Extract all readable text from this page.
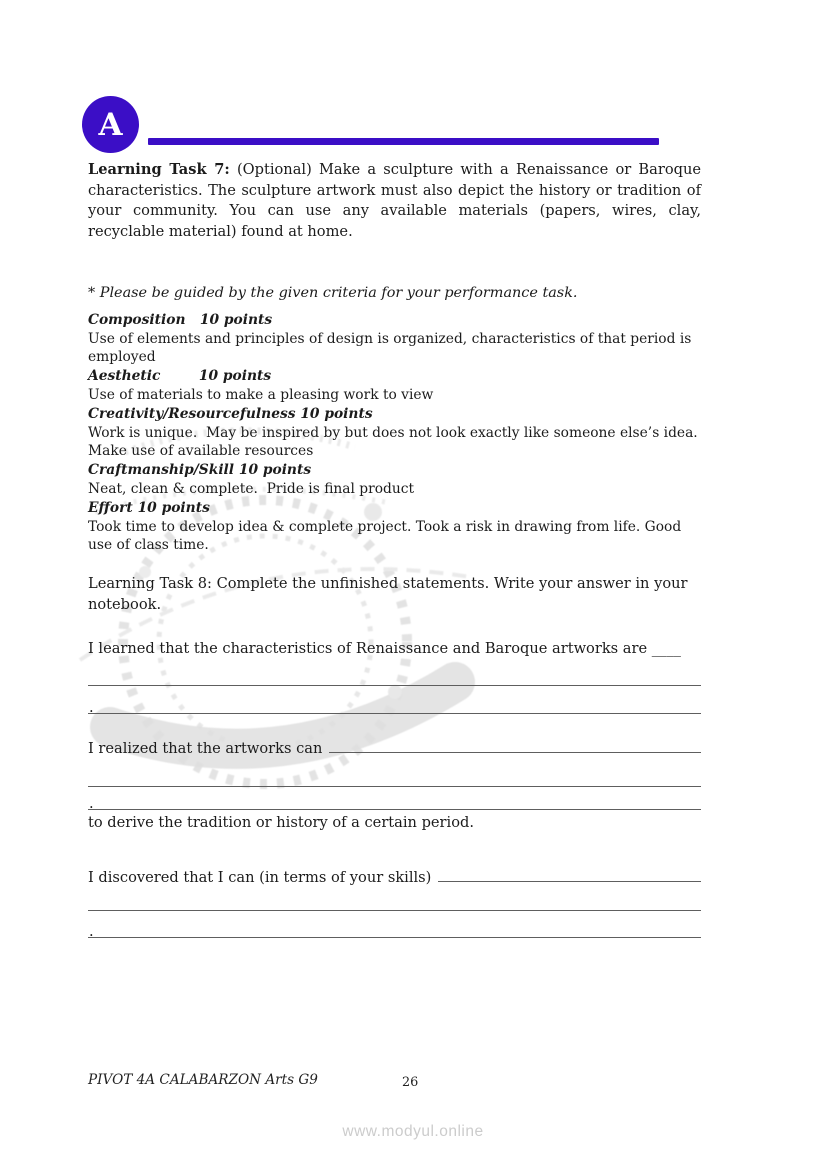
A

Learning Task 7: (Optional) Make a sculpture with a Renaissance or Baroque characteristics. The sculpture artwork must also depict the history or tradition of your community. You can use any available materials (papers, wires, clay, recyclable material) found at home.

* Please be guided by the given criteria for your performance task.

Composition   10 points
Use of elements and principles of design is organized, characteristics of that period is employed
Aesthetic        10 points
Use of materials to make a pleasing work to view
Creativity/Resourcefulness 10 points
Work is unique.  May be inspired by but does not look exactly like someone else’s idea. Make use of available resources
Craftmanship/Skill 10 points
Neat, clean & complete.  Pride is final product
Effort 10 points
Took time to develop idea & complete project. Took a risk in drawing from life. Good use of class time.

Learning Task 8: Complete the unfinished statements. Write your answer in your notebook.

I learned that the characteristics of Renaissance and Baroque artworks are ____
.
I realized that the artworks can
.
to derive the tradition or history of a certain period.
I discovered that I can (in terms of your skills)
.
PIVOT 4A CALABARZON Arts G9	26
www.modyul.online
